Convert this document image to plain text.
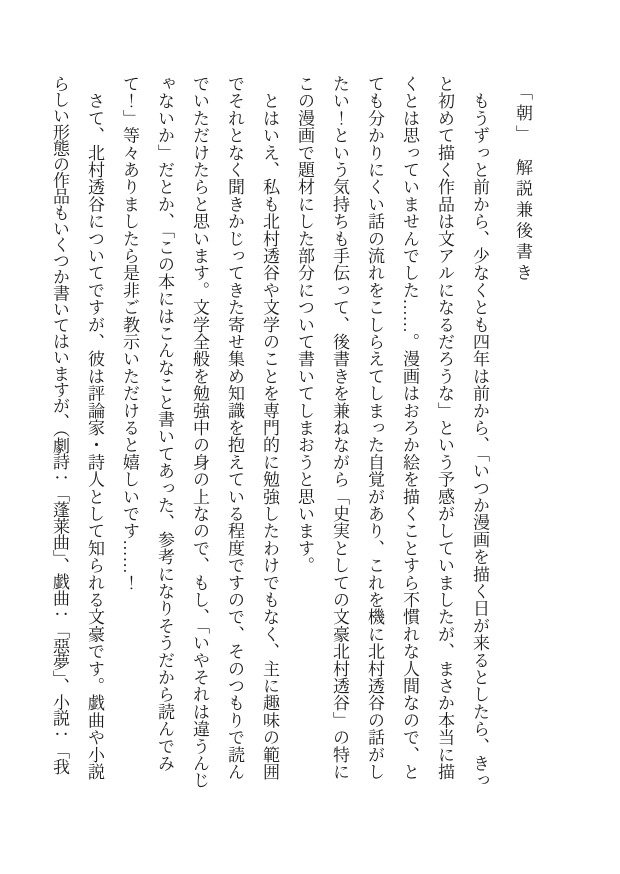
「朝」　解説兼後書き
　もうずっと前から、少なくとも四年は前から、「いつか漫画を描く日が来るとしたら、きっ
と初めて描く作品は文アルになるだろうな」という予感がしていましたが、まさか本当に描
くとは思っていませんでした……。漫画はおろか絵を描くことすら不慣れな人間なので、と
ても分かりにくい話の流れをこしらえてしまった自覚があり、これを機に北村透谷の話がし
たい！という気持ちも手伝って、後書きを兼ねながら「史実としての文豪北村透谷」の特に
この漫画で題材にした部分について書いてしまおうと思います。
　とはいえ、私も北村透谷や文学のことを専門的に勉強したわけでもなく、主に趣味の範囲
でそれとなく聞きかじってきた寄せ集め知識を抱えている程度ですので、そのつもりで読ん
でいただけたらと思います。文学全般を勉強中の身の上なので、もし、「いやそれは違うんじ
ゃないか」だとか、「この本にはこんなこと書いてあった、参考になりそうだから読んでみ
て！」等々ありましたら是非ご教示いただけると嬉しいです……！
　さて、北村透谷についてですが、彼は評論家・詩人として知られる文豪です。戯曲や小説
らしい形態の作品もいくつか書いてはいますが、（劇詩：「蓬莱曲」、戯曲：「惡夢」、小説：「我
